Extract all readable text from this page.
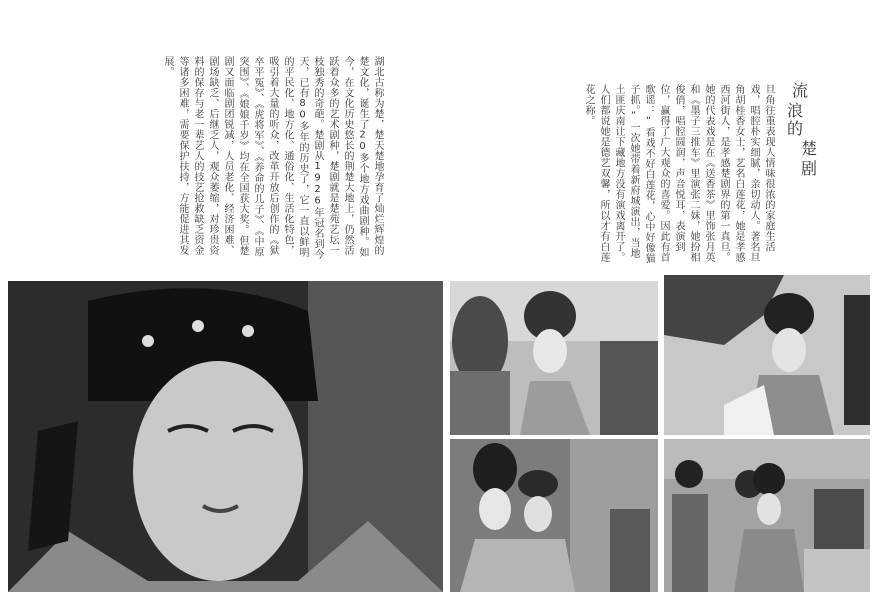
流
浪的
楚
剧

旦角往重表现人情味很浓的家庭生活戏，唱腔朴实细腻，亲切动人。著名旦角胡桂香女士，艺名白莲花，她是孝感西河街人，是孝感楚剧界的第一真旦。她的代表戏是在《送香茶》里饰张月英和《墨子三推车》里演张二妹，她扮相俊俏，唱腔圆润，声音悦耳，表演到位，赢得了广大观众的喜爱。因此有首歌谣：“看戏不好白莲花，心中好像猫子抓。”一次她带着新府城演出，当地土匪庆南让下藏地方没有演戏离开了。人们都说她是德艺双馨，所以才有白莲花之称。

湖北古称为楚，楚天楚地孕育了灿烂辉煌的楚文化，诞生了20多个地方戏曲剧种。如今，在文化历史悠长的荆楚大地上，仍然活跃着众多的艺术剧种，楚剧就是楚苑艺坛一枝独秀的奇葩。楚剧从1926年冠名到今天，已有80多年的历史了，它一直以鲜明的平民化、地方化、通俗化、生活化特色，吸引着大量的听众，改革开放后创作的《狱卒平冤》、《虎将军》、《养命的儿子》、《中原突围》、《娘娘千岁》均在全国获大奖。但楚剧又面临剧团锐减，人员老化、经济困难、剧场缺乏、后继乏人，观众萎缩，对珍贵资料的保存与老一辈艺人的技艺抢救缺乏资金等诸多困难，需要保护扶持，方能促进其发展。
